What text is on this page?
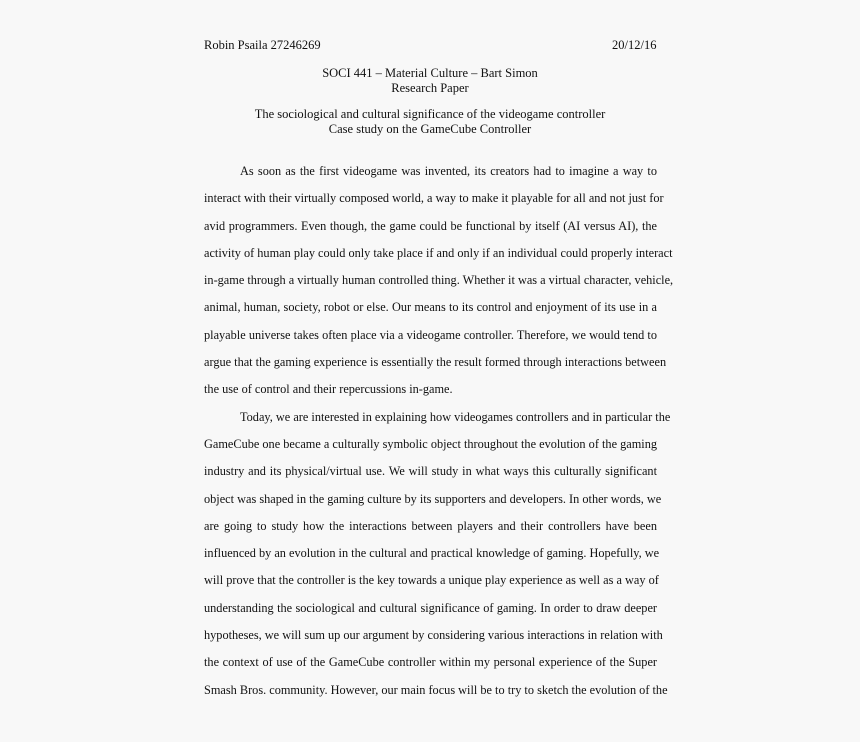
Robin Psaila 27246269	20/12/16
SOCI 441 – Material Culture – Bart Simon
Research Paper
The sociological and cultural significance of the videogame controller
Case study on the GameCube Controller
As soon as the first videogame was invented, its creators had to imagine a way to
interact with their virtually composed world, a way to make it playable for all and not just for
avid programmers. Even though, the game could be functional by itself (AI versus AI), the
activity of human play could only take place if and only if an individual could properly interact
in-game through a virtually human controlled thing. Whether it was a virtual character, vehicle,
animal, human, society, robot or else. Our means to its control and enjoyment of its use in a
playable universe takes often place via a videogame controller. Therefore, we would tend to
argue that the gaming experience is essentially the result formed through interactions between
the use of control and their repercussions in-game.
Today, we are interested in explaining how videogames controllers and in particular the
GameCube one became a culturally symbolic object throughout the evolution of the gaming
industry and its physical/virtual use. We will study in what ways this culturally significant
object was shaped in the gaming culture by its supporters and developers. In other words, we
are going to study how the interactions between players and their controllers have been
influenced by an evolution in the cultural and practical knowledge of gaming. Hopefully, we
will prove that the controller is the key towards a unique play experience as well as a way of
understanding the sociological and cultural significance of gaming. In order to draw deeper
hypotheses, we will sum up our argument by considering various interactions in relation with
the context of use of the GameCube controller within my personal experience of the Super
Smash Bros. community. However, our main focus will be to try to sketch the evolution of the
